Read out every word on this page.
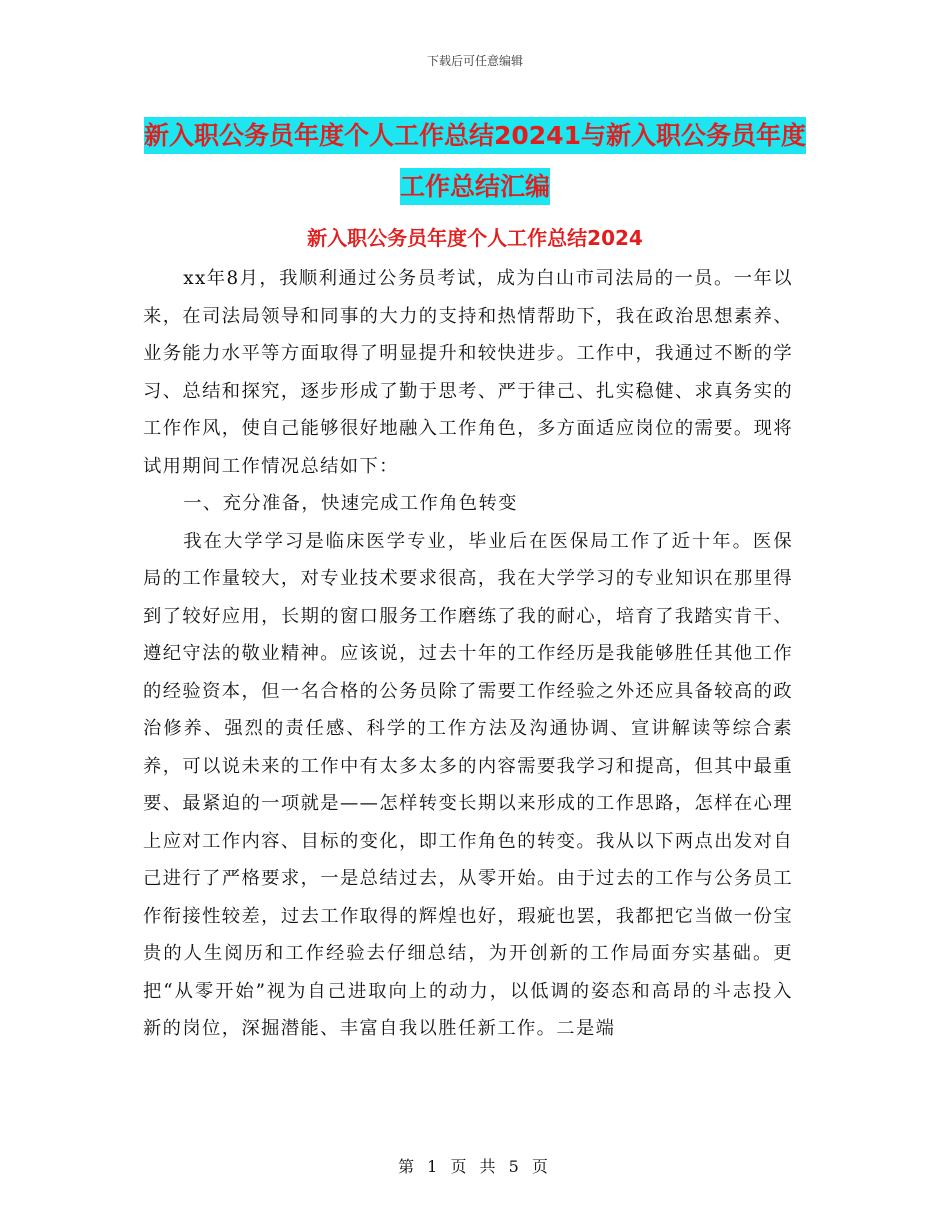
下载后可任意编辑
新入职公务员年度个人工作总结20241与新入职公务员年度工作总结汇编
新入职公务员年度个人工作总结2024

xx年8月，我顺利通过公务员考试，成为白山市司法局的一员。一年以来，在司法局领导和同事的大力的支持和热情帮助下，我在政治思想素养、业务能力水平等方面取得了明显提升和较快进步。工作中，我通过不断的学习、总结和探究，逐步形成了勤于思考、严于律己、扎实稳健、求真务实的工作作风，使自己能够很好地融入工作角色，多方面适应岗位的需要。现将试用期间工作情况总结如下：

一、充分准备，快速完成工作角色转变

我在大学学习是临床医学专业，毕业后在医保局工作了近十年。医保局的工作量较大，对专业技术要求很高，我在大学学习的专业知识在那里得到了较好应用，长期的窗口服务工作磨练了我的耐心，培育了我踏实肯干、遵纪守法的敬业精神。应该说，过去十年的工作经历是我能够胜任其他工作的经验资本，但一名合格的公务员除了需要工作经验之外还应具备较高的政治修养、强烈的责任感、科学的工作方法及沟通协调、宣讲解读等综合素养，可以说未来的工作中有太多太多的内容需要我学习和提高，但其中最重要、最紧迫的一项就是——怎样转变长期以来形成的工作思路，怎样在心理上应对工作内容、目标的变化，即工作角色的转变。我从以下两点出发对自己进行了严格要求，一是总结过去，从零开始。由于过去的工作与公务员工作衔接性较差，过去工作取得的辉煌也好，瑕疵也罢，我都把它当做一份宝贵的人生阅历和工作经验去仔细总结，为开创新的工作局面夯实基础。更把“从零开始”视为自己进取向上的动力，以低调的姿态和高昂的斗志投入新的岗位，深掘潜能、丰富自我以胜任新工作。二是端

第 1 页 共 5 页
